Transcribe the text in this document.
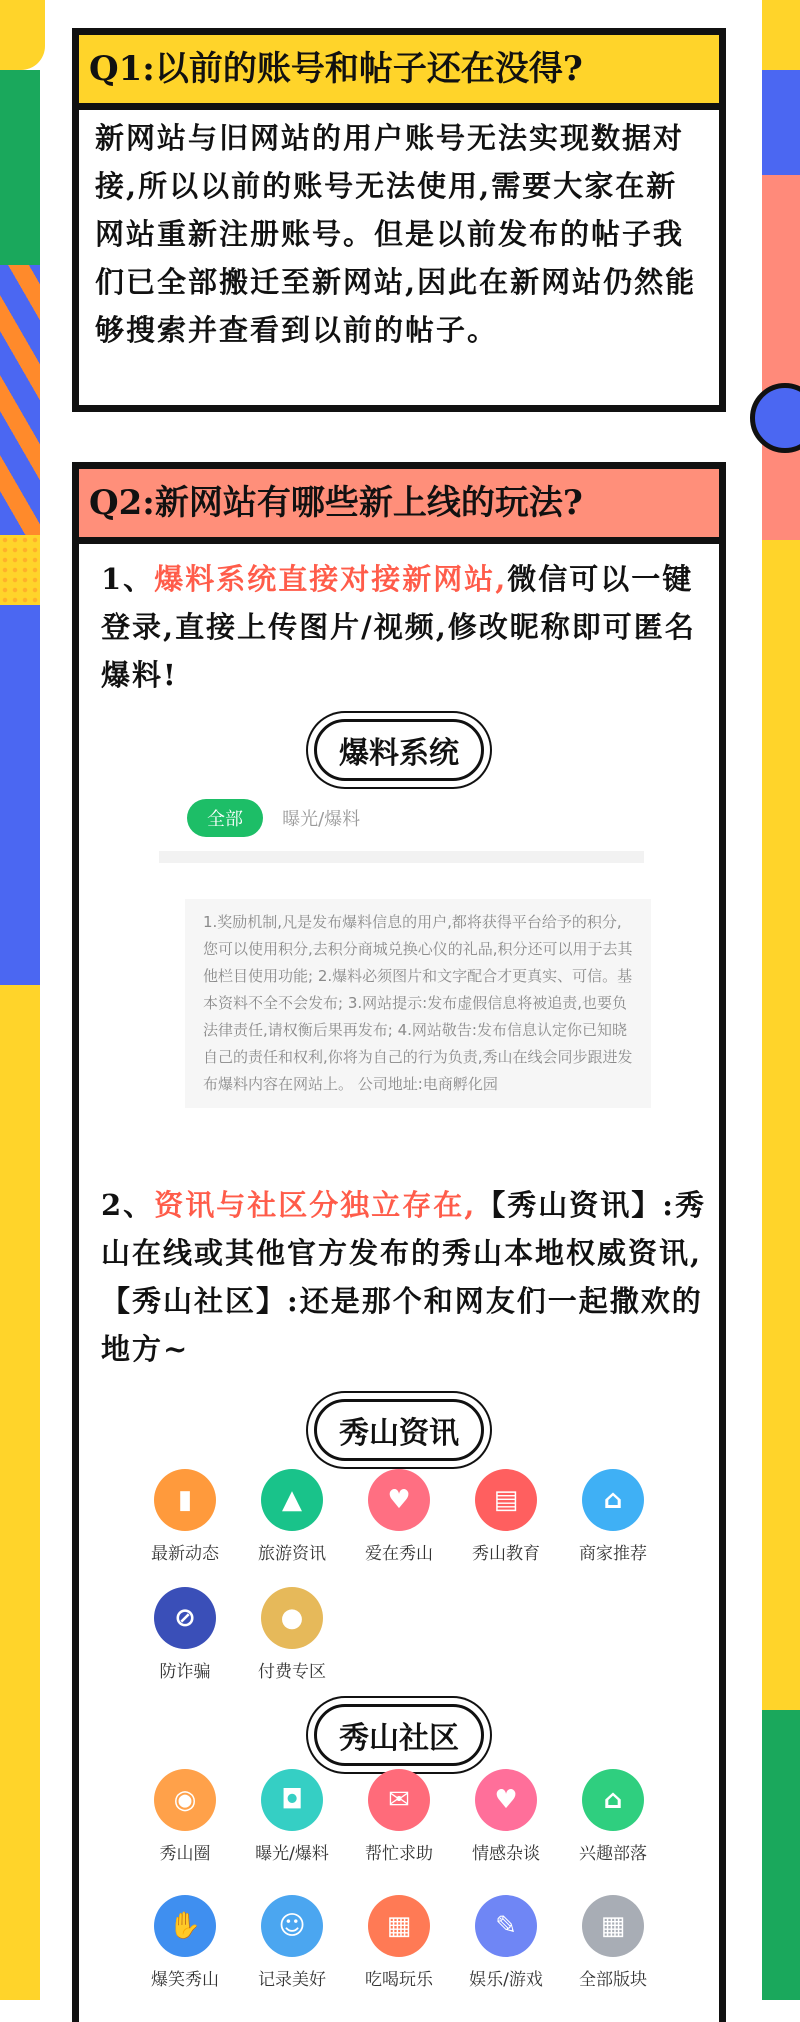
Q1:以前的账号和帖子还在没得?
新网站与旧网站的用户账号无法实现数据对接,所以以前的账号无法使用,需要大家在新网站重新注册账号。但是以前发布的帖子我们已全部搬迁至新网站,因此在新网站仍然能够搜索并查看到以前的帖子。
Q2:新网站有哪些新上线的玩法?
1、爆料系统直接对接新网站,微信可以一键登录,直接上传图片/视频,修改昵称即可匿名爆料!
爆料系统
全部 曝光/爆料
1.奖励机制,凡是发布爆料信息的用户,都将获得平台给予的积分,您可以使用积分,去积分商城兑换心仪的礼品,积分还可以用于去其他栏目使用功能; 2.爆料必须图片和文字配合才更真实、可信。基本资料不全不会发布; 3.网站提示:发布虚假信息将被追责,也要负法律责任,请权衡后果再发布; 4.网站敬告:发布信息认定你已知晓自己的责任和权利,你将为自己的行为负责,秀山在线会同步跟进发布爆料内容在网站上。 公司地址:电商孵化园
2、资讯与社区分独立存在,【秀山资讯】:秀山在线或其他官方发布的秀山本地权威资讯,【秀山社区】:还是那个和网友们一起撒欢的地方~
秀山资讯
▮
最新动态
▲
旅游资讯
♥
爱在秀山
▤
秀山教育
⌂
商家推荐
⊘
防诈骗
●
付费专区
秀山社区
◉
秀山圈
◘
曝光/爆料
✉
帮忙求助
♥
情感杂谈
⌂
兴趣部落
✋
爆笑秀山
☺
记录美好
▦
吃喝玩乐
✎
娱乐/游戏
▦
全部版块
